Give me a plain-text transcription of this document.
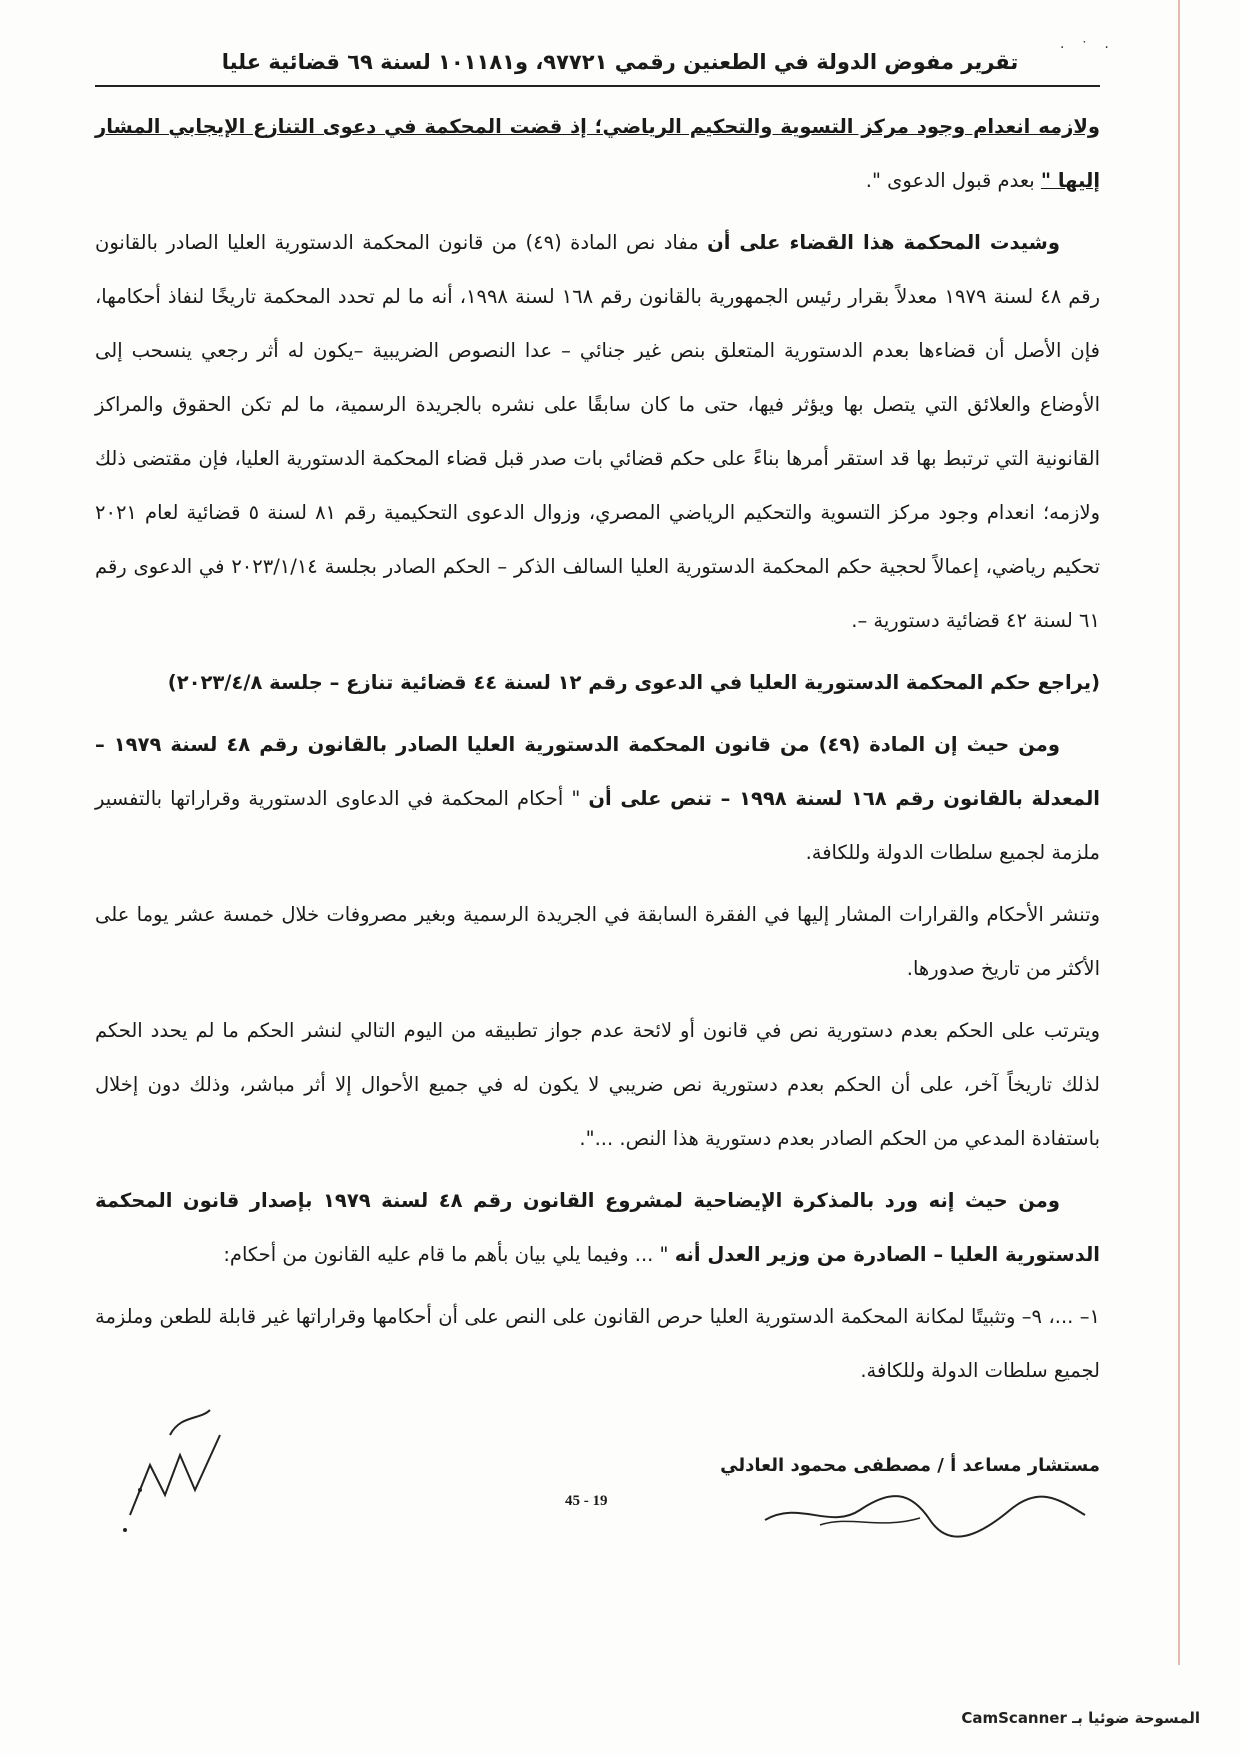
· ˙ ·
تقرير مفوض الدولة في الطعنين رقمي ٩٧٧٢١، و١٠١١٨١ لسنة ٦٩ قضائية عليا

ولازمه انعدام وجود مركز التسوية والتحكيم الرياضي؛ إذ قضت المحكمة في دعوى التنازع الإيجابي المشار إليها " بعدم قبول الدعوى ".

وشيدت المحكمة هذا القضاء على أن مفاد نص المادة (٤٩) من قانون المحكمة الدستورية العليا الصادر بالقانون رقم ٤٨ لسنة ١٩٧٩ معدلاً بقرار رئيس الجمهورية بالقانون رقم ١٦٨ لسنة ١٩٩٨، أنه ما لم تحدد المحكمة تاريخًا لنفاذ أحكامها، فإن الأصل أن قضاءها بعدم الدستورية المتعلق بنص غير جنائي – عدا النصوص الضريبية –يكون له أثر رجعي ينسحب إلى الأوضاع والعلائق التي يتصل بها ويؤثر فيها، حتى ما كان سابقًا على نشره بالجريدة الرسمية، ما لم تكن الحقوق والمراكز القانونية التي ترتبط بها قد استقر أمرها بناءً على حكم قضائي بات صدر قبل قضاء المحكمة الدستورية العليا، فإن مقتضى ذلك ولازمه؛ انعدام وجود مركز التسوية والتحكيم الرياضي المصري، وزوال الدعوى التحكيمية رقم ٨١ لسنة ٥ قضائية لعام ٢٠٢١ تحكيم رياضي، إعمالاً لحجية حكم المحكمة الدستورية العليا السالف الذكر – الحكم الصادر بجلسة ٢٠٢٣/١/١٤ في الدعوى رقم ٦١ لسنة ٤٢ قضائية دستورية –.

(يراجع حكم المحكمة الدستورية العليا في الدعوى رقم ١٢ لسنة ٤٤ قضائية تنازع – جلسة ٢٠٢٣/٤/٨)

ومن حيث إن المادة (٤٩) من قانون المحكمة الدستورية العليا الصادر بالقانون رقم ٤٨ لسنة ١٩٧٩ – المعدلة بالقانون رقم ١٦٨ لسنة ١٩٩٨ – تنص على أن " أحكام المحكمة في الدعاوى الدستورية وقراراتها بالتفسير ملزمة لجميع سلطات الدولة وللكافة.

وتنشر الأحكام والقرارات المشار إليها في الفقرة السابقة في الجريدة الرسمية وبغير مصروفات خلال خمسة عشر يوما على الأكثر من تاريخ صدورها.

ويترتب على الحكم بعدم دستورية نص في قانون أو لائحة عدم جواز تطبيقه من اليوم التالي لنشر الحكم ما لم يحدد الحكم لذلك تاريخاً آخر، على أن الحكم بعدم دستورية نص ضريبي لا يكون له في جميع الأحوال إلا أثر مباشر، وذلك دون إخلال باستفادة المدعي من الحكم الصادر بعدم دستورية هذا النص. ...".

ومن حيث إنه ورد بالمذكرة الإيضاحية لمشروع القانون رقم ٤٨ لسنة ١٩٧٩ بإصدار قانون المحكمة الدستورية العليا – الصادرة من وزير العدل أنه " ... وفيما يلي بيان بأهم ما قام عليه القانون من أحكام:

١– ...، ٩– وتثبيتًا لمكانة المحكمة الدستورية العليا حرص القانون على النص على أن أحكامها وقراراتها غير قابلة للطعن وملزمة لجميع سلطات الدولة وللكافة.

مستشار مساعد أ / مصطفى محمود العادلي
45 - 19
المسوحة ضوئيا بـ CamScanner
